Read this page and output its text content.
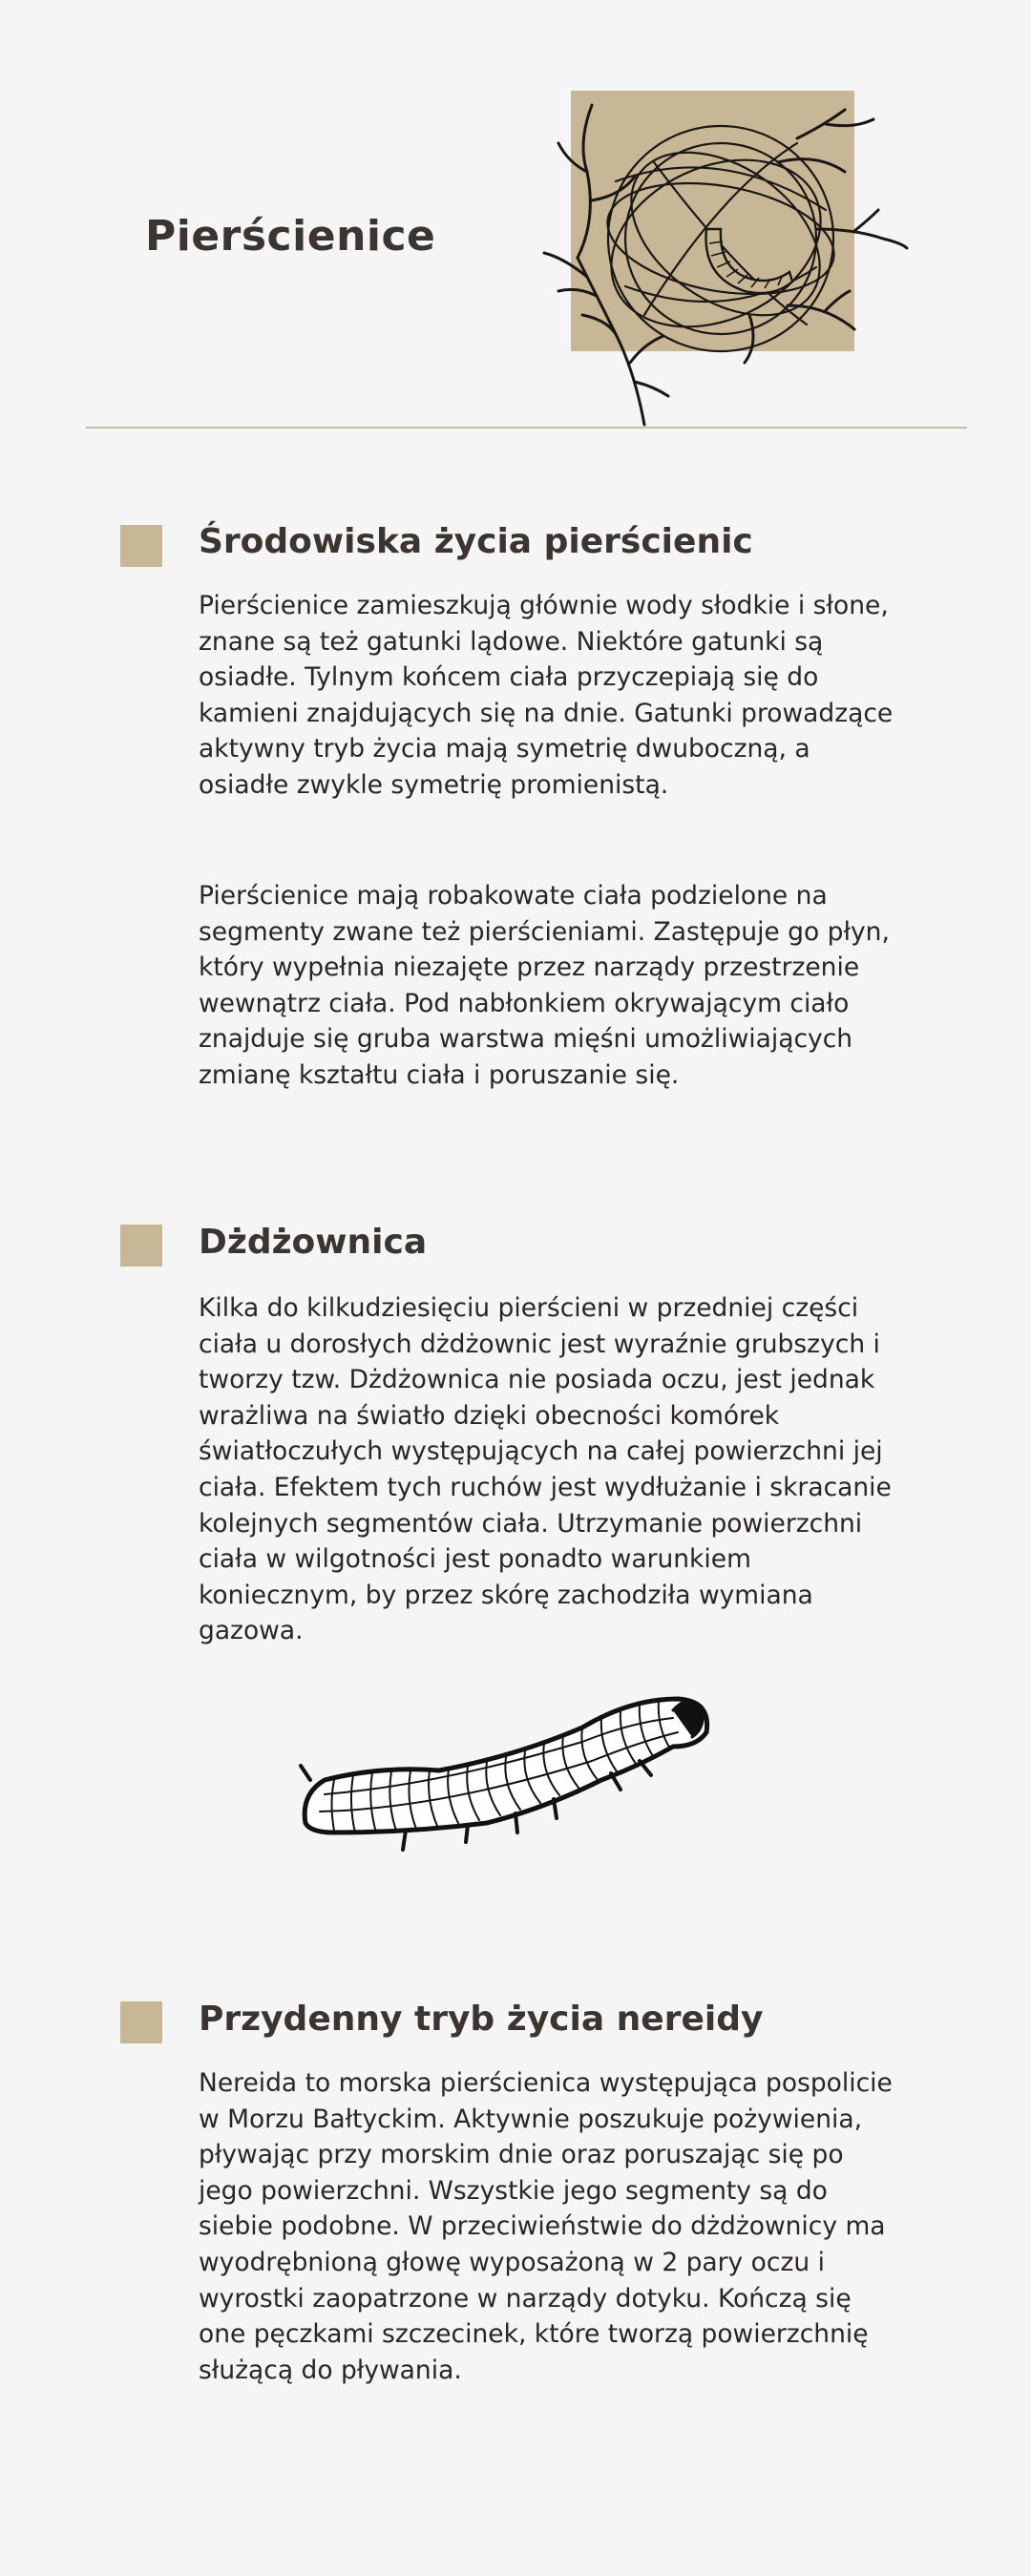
Pierścienice
Środowiska życia pierścienic

Pierścienice zamieszkują głównie wody słodkie i słone, znane są też gatunki lądowe. Niektóre gatunki są osiadłe. Tylnym końcem ciała przyczepiają się do kamieni znajdujących się na dnie. Gatunki prowadzące aktywny tryb życia mają symetrię dwuboczną, a osiadłe zwykle symetrię promienistą.

Pierścienice mają robakowate ciała podzielone na segmenty zwane też pierścieniami. Zastępuje go płyn, który wypełnia niezajęte przez narządy przestrzenie wewnątrz ciała. Pod nabłonkiem okrywającym ciało znajduje się gruba warstwa mięśni umożliwiających zmianę kształtu ciała i poruszanie się.

Dżdżownica

Kilka do kilkudziesięciu pierścieni w przedniej części ciała u dorosłych dżdżownic jest wyraźnie grubszych i tworzy tzw. Dżdżownica nie posiada oczu, jest jednak wrażliwa na światło dzięki obecności komórek światłoczułych występujących na całej powierzchni jej ciała. Efektem tych ruchów jest wydłużanie i skracanie kolejnych segmentów ciała. Utrzymanie powierzchni ciała w wilgotności jest ponadto warunkiem koniecznym, by przez skórę zachodziła wymiana gazowa.

Przydenny tryb życia nereidy

Nereida to morska pierścienica występująca pospolicie w Morzu Bałtyckim. Aktywnie poszukuje pożywienia, pływając przy morskim dnie oraz poruszając się po jego powierzchni. Wszystkie jego segmenty są do siebie podobne. W przeciwieństwie do dżdżownicy ma wyodrębnioną głowę wyposażoną w 2 pary oczu i wyrostki zaopatrzone w narządy dotyku. Kończą się one pęczkami szczecinek, które tworzą powierzchnię służącą do pływania.
